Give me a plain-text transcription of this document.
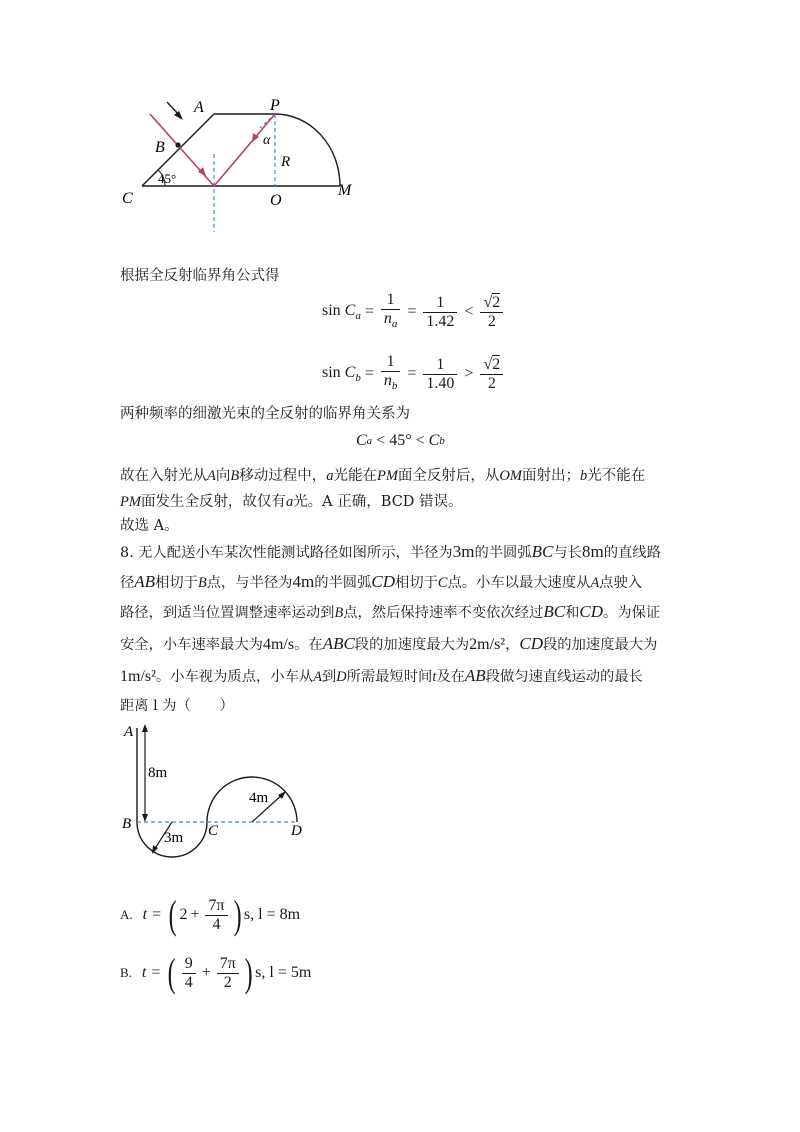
A	P
B
C	O
M
R
α
45°
根据全反射临界角公式得
$\sin C_a = \frac{1}{n_a} = \frac{1}{1.42} < \frac{√2}{2}$
$\sin C_b = \frac{1}{n_b} = \frac{1}{1.40} > \frac{√2}{2}$
两种频率的细激光束的全反射的临界角关系为
C a < 45° < C b
故在入射光从A向B移动过程中，a光能在PM面全反射后，从OM面射出；b光不能在
PM面发生全反射，故仅有a光。A 正确，BCD 错误。
故选 A。
8. 无人配送小车某次性能测试路径如图所示，半径为3m的半圆弧BC与长8m的直线路
径AB相切于B点，与半径为4m的半圆弧CD相切于C点。小车以最大速度从A点驶入
路径，到适当位置调整速率运动到B点，然后保持速率不变依次经过BC和CD。为保证
安全，小车速率最大为4m/s。在ABC段的加速度最大为2m/s²，CD段的加速度最大为
1m/s²。小车视为质点，小车从A到D所需最短时间t及在AB段做匀速直线运动的最长
距离 l 为（　　）
A
B	C	D
8m
3m
4m
A. t = ( $2 + \frac{7\pi}{4}$ ) s, l = 8m
B. t = ( $\frac{9}{4} + \frac{7\pi}{2}$ ) s, l = 5m
